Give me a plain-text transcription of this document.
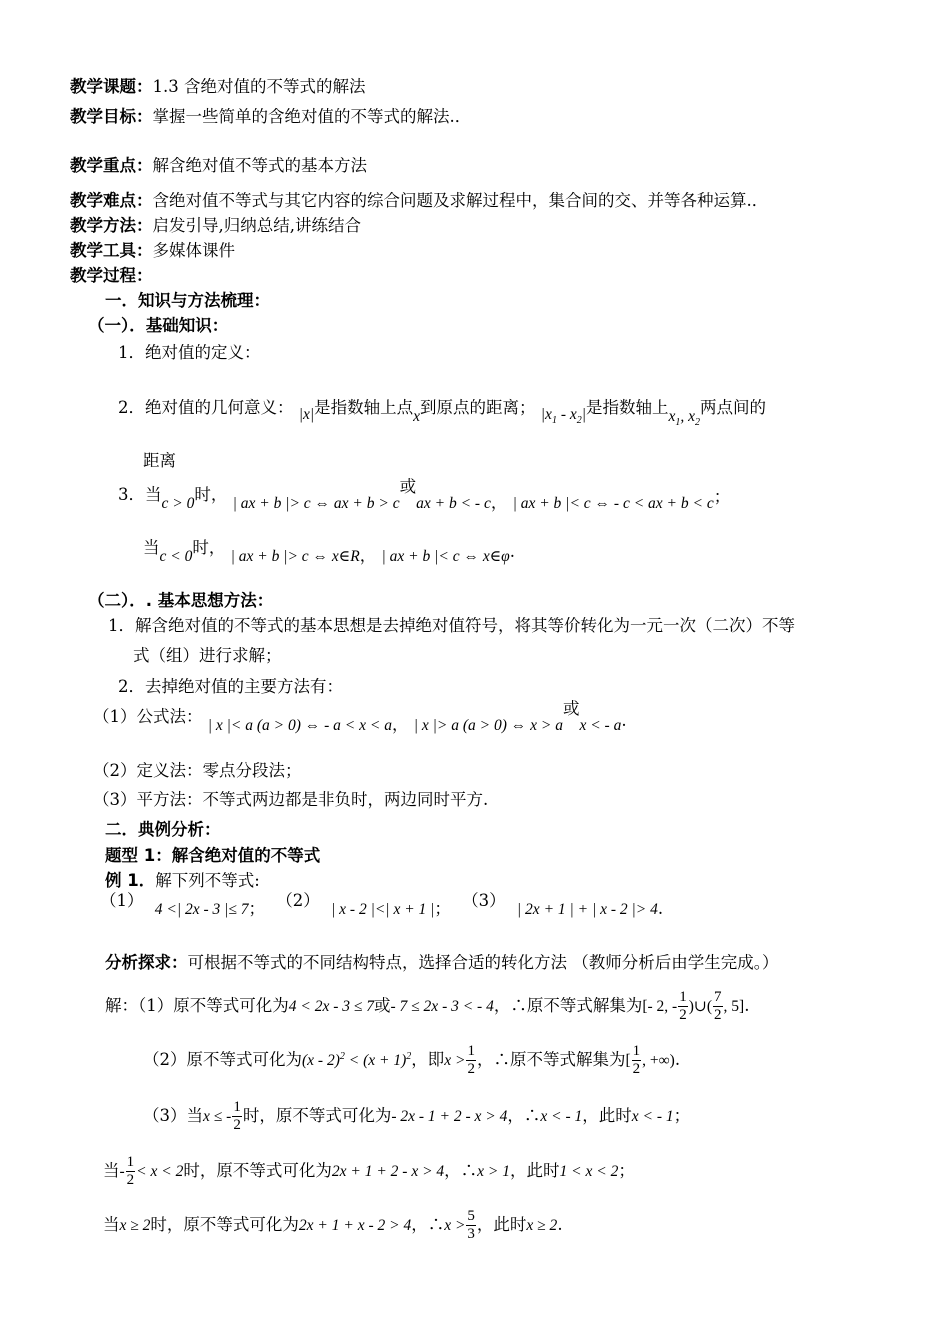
教学课题：1.3 含绝对值的不等式的解法
教学目标：掌握一些简单的含绝对值的不等式的解法.．
教学重点：解含绝对值不等式的基本方法
教学难点：含绝对值不等式与其它内容的综合问题及求解过程中，集合间的交、并等各种运算.．
教学方法：启发引导,归纳总结,讲练结合
教学工具：多媒体课件
教学过程：
一．知识与方法梳理：
（一）．基础知识：
1．绝对值的定义：
2．绝对值的几何意义： |x|是指数轴上点x到原点的距离； $|x_1 - x_2|$是指数轴上$x_1$, $x_2$两点间的
距离
3．当c > 0时， | ax + b |> c ⇔ ax + b > c或ax + b < - c， | ax + b |< c ⇔ - c < ax + b < c；
当c < 0时， | ax + b |> c ⇔ x∈R， | ax + b |< c ⇔ x∈φ.
（二）．. 基本思想方法：
1．解含绝对值的不等式的基本思想是去掉绝对值符号，将其等价转化为一元一次（二次）不等
式（组）进行求解；
2．去掉绝对值的主要方法有：
（1）公式法： | x |< a (a > 0) ⇔ - a < x < a， | x |> a (a > 0) ⇔ x > a或x < - a.
（2）定义法：零点分段法；
（3）平方法：不等式两边都是非负时，两边同时平方.
二．典例分析：
题型 1：解含绝对值的不等式
例 1．解下列不等式:
（1） 4 <| 2x - 3 |≤ 7； （2） | x - 2 |<| x + 1 |； （3） | 2x + 1 | + | x - 2 |> 4.
分析探求：可根据不等式的不同结构特点，选择合适的转化方法 （教师分析后由学生完成。）
解：（1）原不等式可化为4 < 2x - 3 ≤ 7或- 7 ≤ 2x - 3 < - 4，∴原不等式解集为[- 2, - $\frac{1}{2}$ )∪( $\frac{7}{2}$ , 5].
（2）原不等式可化为$(x - 2)^2 < (x + 1)^2$，即$x > \frac{1}{2}$ ，∴原不等式解集为[ $\frac{1}{2}$ , +∞).
（3）当x ≤ - $\frac{1}{2}$ 时，原不等式可化为- 2x - 1 + 2 - x > 4，∴x < - 1，此时x < - 1；
当- $\frac{1}{2} < x < 2$时，原不等式可化为2x + 1 + 2 - x > 4，∴x > 1，此时1 < x < 2；
当x ≥ 2时，原不等式可化为2x + 1 + x - 2 > 4，∴x > $\frac{5}{3}$ ，此时x ≥ 2.
